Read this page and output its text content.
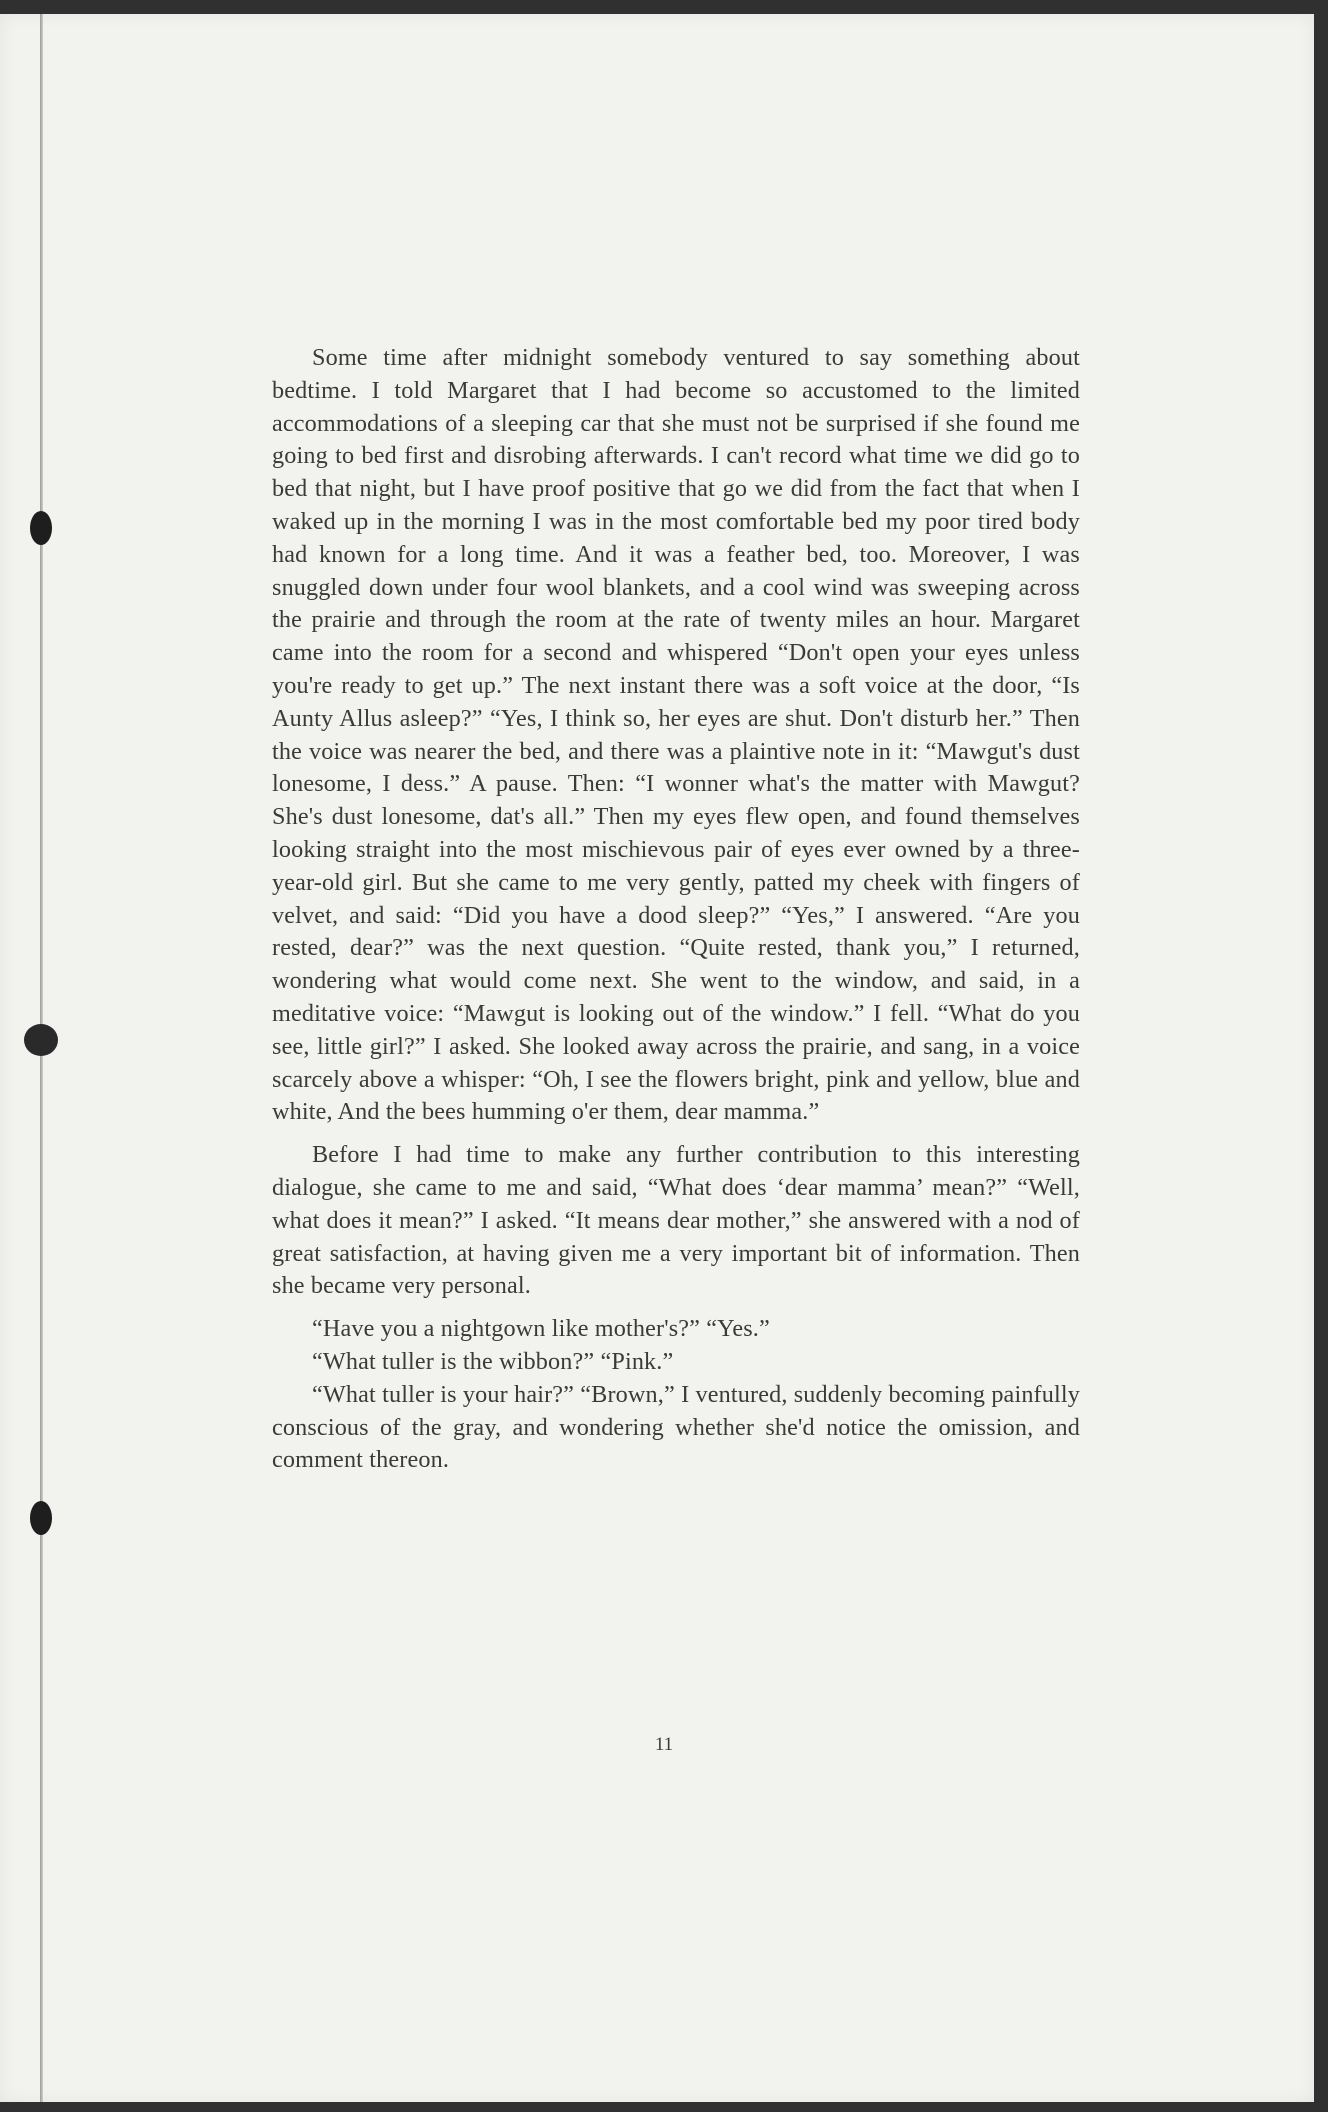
Some time after midnight somebody ventured to say something about bedtime. I told Margaret that I had become so accustomed to the limited accommodations of a sleeping car that she must not be surprised if she found me going to bed first and disrobing afterwards. I can't record what time we did go to bed that night, but I have proof positive that go we did from the fact that when I waked up in the morning I was in the most comfortable bed my poor tired body had known for a long time. And it was a feather bed, too. Moreover, I was snuggled down under four wool blankets, and a cool wind was sweeping across the prairie and through the room at the rate of twenty miles an hour. Margaret came into the room for a second and whispered “Don't open your eyes unless you're ready to get up.” The next instant there was a soft voice at the door, “Is Aunty Allus asleep?” “Yes, I think so, her eyes are shut. Don't disturb her.” Then the voice was nearer the bed, and there was a plaintive note in it: “Mawgut's dust lonesome, I dess.” A pause. Then: “I wonner what's the matter with Mawgut? She's dust lonesome, dat's all.” Then my eyes flew open, and found themselves looking straight into the most mischievous pair of eyes ever owned by a three-year-old girl. But she came to me very gently, patted my cheek with fingers of velvet, and said: “Did you have a dood sleep?” “Yes,” I answered. “Are you rested, dear?” was the next question. “Quite rested, thank you,” I returned, wondering what would come next. She went to the window, and said, in a meditative voice: “Mawgut is looking out of the window.” I fell. “What do you see, little girl?” I asked. She looked away across the prairie, and sang, in a voice scarcely above a whisper: “Oh, I see the flowers bright, pink and yellow, blue and white, And the bees humming o'er them, dear mamma.”

Before I had time to make any further contribution to this interesting dialogue, she came to me and said, “What does ‘dear mamma’ mean?” “Well, what does it mean?” I asked. “It means dear mother,” she answered with a nod of great satisfaction, at having given me a very important bit of information. Then she became very personal.

“Have you a nightgown like mother's?” “Yes.”

“What tuller is the wibbon?” “Pink.”

“What tuller is your hair?” “Brown,” I ventured, suddenly becoming painfully conscious of the gray, and wondering whether she'd notice the omission, and comment thereon.

11
